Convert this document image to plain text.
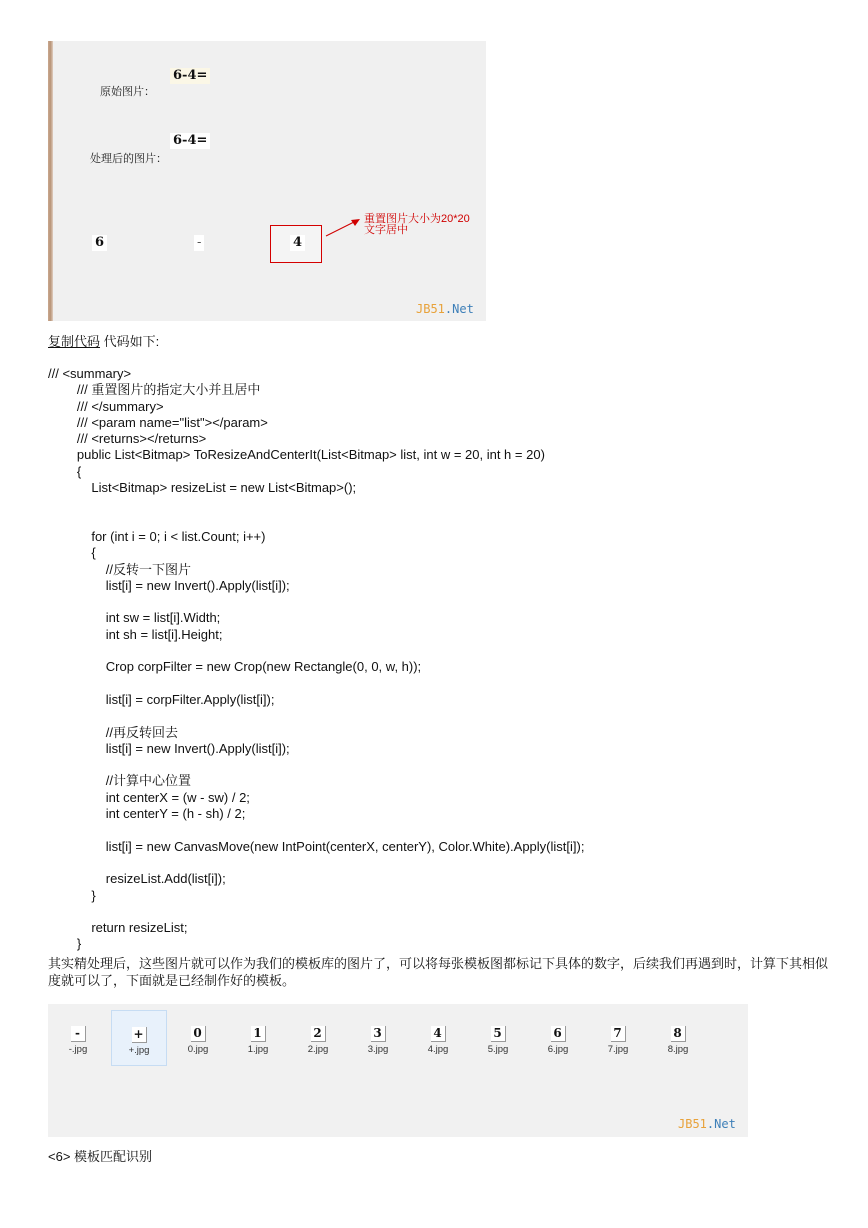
原始图片：
6-4=
处理后的图片：
6-4=
6	-	4
重置图片大小为20*20
文字居中
JB51.Net
复制代码 代码如下:
/// <summary>
/// 重置图片的指定大小并且居中
/// </summary>
/// <param name="list"></param>
/// <returns></returns>
public List<Bitmap> ToResizeAndCenterIt(List<Bitmap> list, int w = 20, int h = 20)
{
List<Bitmap> resizeList = new List<Bitmap>();
for (int i = 0; i < list.Count; i++)
{
//反转一下图片
list[i] = new Invert().Apply(list[i]);
int sw = list[i].Width;
int sh = list[i].Height;
Crop corpFilter = new Crop(new Rectangle(0, 0, w, h));
list[i] = corpFilter.Apply(list[i]);
//再反转回去
list[i] = new Invert().Apply(list[i]);
//计算中心位置
int centerX = (w - sw) / 2;
int centerY = (h - sh) / 2;
list[i] = new CanvasMove(new IntPoint(centerX, centerY), Color.White).Apply(list[i]);
resizeList.Add(list[i]);
}
return resizeList;
}
其实精处理后，这些图片就可以作为我们的模板库的图片了，可以将每张模板图都标记下具体的数字，后续我们再遇到时，计算下其相似度就可以了，下面就是已经制作好的模板。
-
-.jpg
+
+.jpg
0
0.jpg
1
1.jpg
2
2.jpg
3
3.jpg
4
4.jpg
5
5.jpg
6
6.jpg
7
7.jpg
8
8.jpg
JB51.Net
<6> 模板匹配识别
